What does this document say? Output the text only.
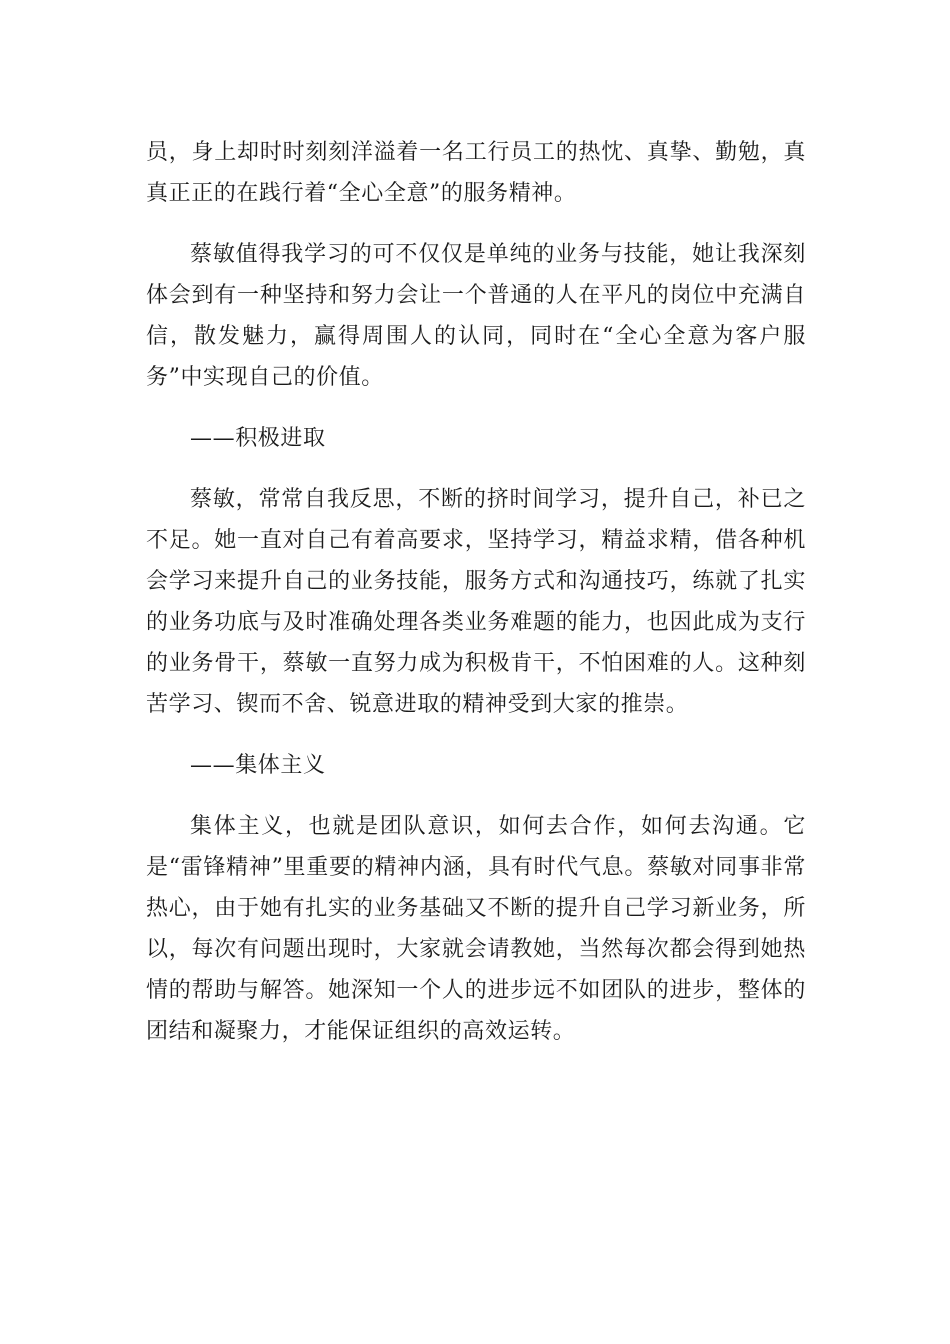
员，身上却时时刻刻洋溢着一名工行员工的热忱、真挚、勤勉，真真正正的在践行着“全心全意”的服务精神。

蔡敏值得我学习的可不仅仅是单纯的业务与技能，她让我深刻体会到有一种坚持和努力会让一个普通的人在平凡的岗位中充满自信，散发魅力，赢得周围人的认同，同时在“全心全意为客户服务”中实现自己的价值。

——积极进取

蔡敏，常常自我反思，不断的挤时间学习，提升自己，补已之不足。她一直对自己有着高要求，坚持学习，精益求精，借各种机会学习来提升自己的业务技能，服务方式和沟通技巧，练就了扎实的业务功底与及时准确处理各类业务难题的能力，也因此成为支行的业务骨干，蔡敏一直努力成为积极肯干，不怕困难的人。这种刻苦学习、锲而不舍、锐意进取的精神受到大家的推崇。

——集体主义

集体主义，也就是团队意识，如何去合作，如何去沟通。它是“雷锋精神”里重要的精神内涵，具有时代气息。蔡敏对同事非常热心，由于她有扎实的业务基础又不断的提升自己学习新业务，所以，每次有问题出现时，大家就会请教她，当然每次都会得到她热情的帮助与解答。她深知一个人的进步远不如团队的进步，整体的团结和凝聚力，才能保证组织的高效运转。
